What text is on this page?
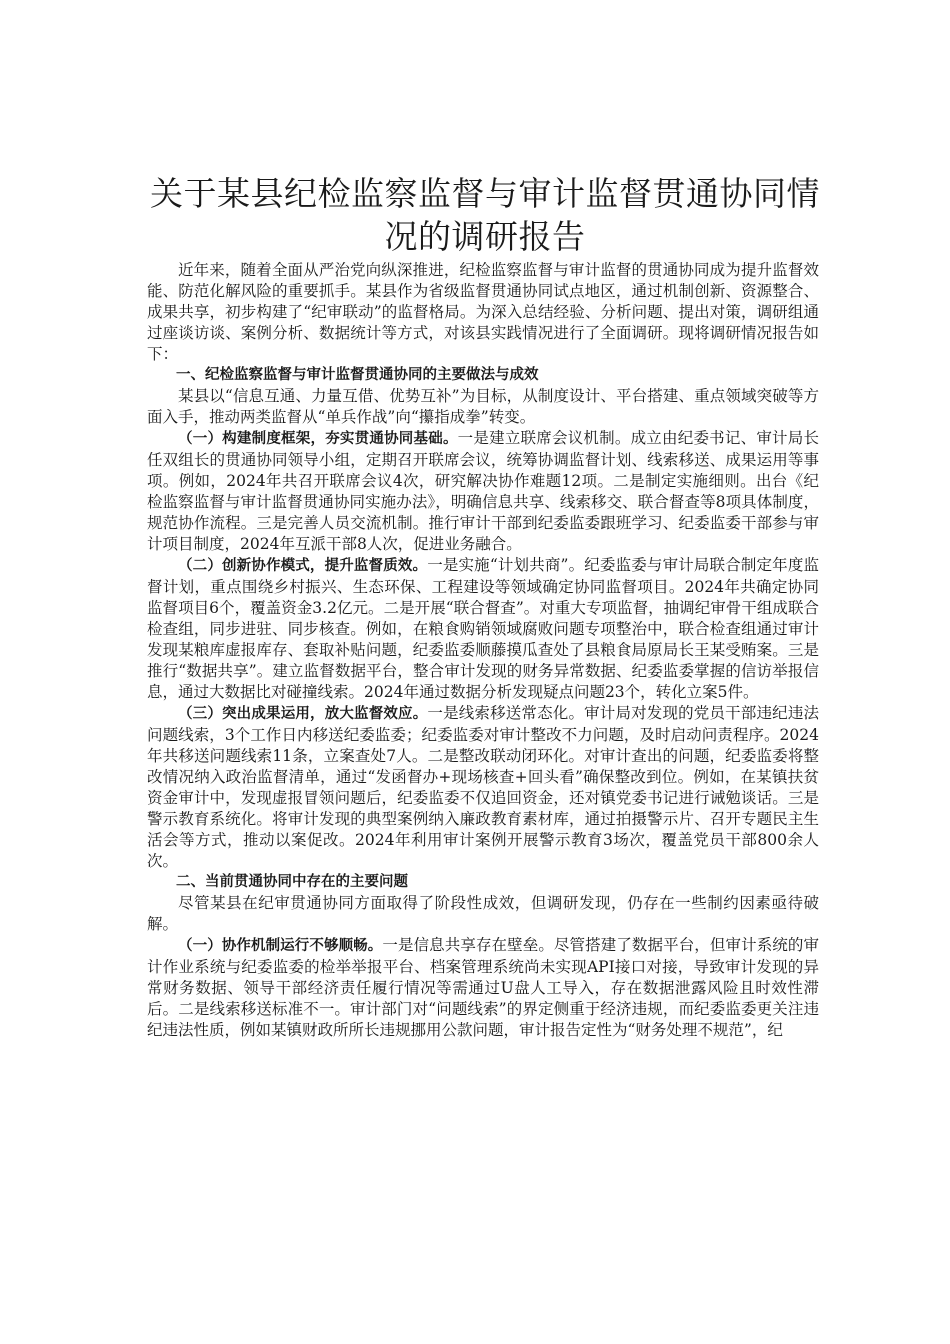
关于某县纪检监察监督与审计监督贯通协同情况的调研报告

近年来，随着全面从严治党向纵深推进，纪检监察监督与审计监督的贯通协同成为提升监督效能、防范化解风险的重要抓手。某县作为省级监督贯通协同试点地区，通过机制创新、资源整合、成果共享，初步构建了“纪审联动”的监督格局。为深入总结经验、分析问题、提出对策，调研组通过座谈访谈、案例分析、数据统计等方式，对该县实践情况进行了全面调研。现将调研情况报告如下：

一、纪检监察监督与审计监督贯通协同的主要做法与成效

某县以“信息互通、力量互借、优势互补”为目标，从制度设计、平台搭建、重点领域突破等方面入手，推动两类监督从“单兵作战”向“攥指成拳”转变。

（一）构建制度框架，夯实贯通协同基础。一是建立联席会议机制。成立由纪委书记、审计局长任双组长的贯通协同领导小组，定期召开联席会议，统筹协调监督计划、线索移送、成果运用等事项。例如，2024年共召开联席会议4次，研究解决协作难题12项。二是制定实施细则。出台《纪检监察监督与审计监督贯通协同实施办法》，明确信息共享、线索移交、联合督查等8项具体制度，规范协作流程。三是完善人员交流机制。推行审计干部到纪委监委跟班学习、纪委监委干部参与审计项目制度，2024年互派干部8人次，促进业务融合。

（二）创新协作模式，提升监督质效。一是实施“计划共商”。纪委监委与审计局联合制定年度监督计划，重点围绕乡村振兴、生态环保、工程建设等领域确定协同监督项目。2024年共确定协同监督项目6个，覆盖资金3.2亿元。二是开展“联合督查”。对重大专项监督，抽调纪审骨干组成联合检查组，同步进驻、同步核查。例如，在粮食购销领域腐败问题专项整治中，联合检查组通过审计发现某粮库虚报库存、套取补贴问题，纪委监委顺藤摸瓜查处了县粮食局原局长王某受贿案。三是推行“数据共享”。建立监督数据平台，整合审计发现的财务异常数据、纪委监委掌握的信访举报信息，通过大数据比对碰撞线索。2024年通过数据分析发现疑点问题23个，转化立案5件。

（三）突出成果运用，放大监督效应。一是线索移送常态化。审计局对发现的党员干部违纪违法问题线索，3个工作日内移送纪委监委；纪委监委对审计整改不力问题，及时启动问责程序。2024年共移送问题线索11条，立案查处7人。二是整改联动闭环化。对审计查出的问题，纪委监委将整改情况纳入政治监督清单，通过“发函督办+现场核查+回头看”确保整改到位。例如，在某镇扶贫资金审计中，发现虚报冒领问题后，纪委监委不仅追回资金，还对镇党委书记进行诫勉谈话。三是警示教育系统化。将审计发现的典型案例纳入廉政教育素材库，通过拍摄警示片、召开专题民主生活会等方式，推动以案促改。2024年利用审计案例开展警示教育3场次，覆盖党员干部800余人次。

二、当前贯通协同中存在的主要问题

尽管某县在纪审贯通协同方面取得了阶段性成效，但调研发现，仍存在一些制约因素亟待破解。

（一）协作机制运行不够顺畅。一是信息共享存在壁垒。尽管搭建了数据平台，但审计系统的审计作业系统与纪委监委的检举举报平台、档案管理系统尚未实现API接口对接，导致审计发现的异常财务数据、领导干部经济责任履行情况等需通过U盘人工导入，存在数据泄露风险且时效性滞后。二是线索移送标准不一。审计部门对“问题线索”的界定侧重于经济违规，而纪委监委更关注违纪违法性质，例如某镇财政所所长违规挪用公款问题，审计报告定性为“财务处理不规范”，纪
